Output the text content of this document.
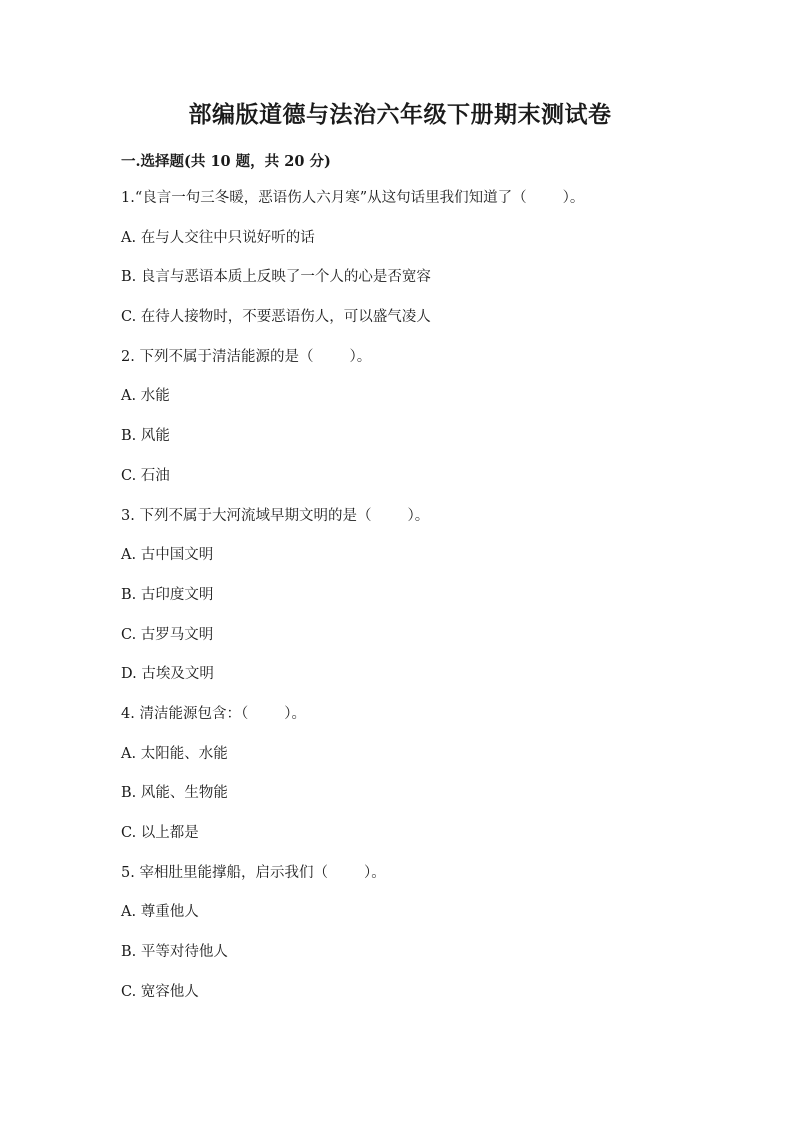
部编版道德与法治六年级下册期末测试卷
一.选择题(共 10 题，共 20 分)
1.“良言一句三冬暖，恶语伤人六月寒”从这句话里我们知道了（ ）。
A. 在与人交往中只说好听的话
B. 良言与恶语本质上反映了一个人的心是否宽容
C. 在待人接物时，不要恶语伤人，可以盛气凌人
2. 下列不属于清洁能源的是（ ）。
A. 水能
B. 风能
C. 石油
3. 下列不属于大河流域早期文明的是（ ）。
A. 古中国文明
B. 古印度文明
C. 古罗马文明
D. 古埃及文明
4. 清洁能源包含：（ ）。
A. 太阳能、水能
B. 风能、生物能
C. 以上都是
5. 宰相肚里能撑船，启示我们（ ）。
A. 尊重他人
B. 平等对待他人
C. 宽容他人
